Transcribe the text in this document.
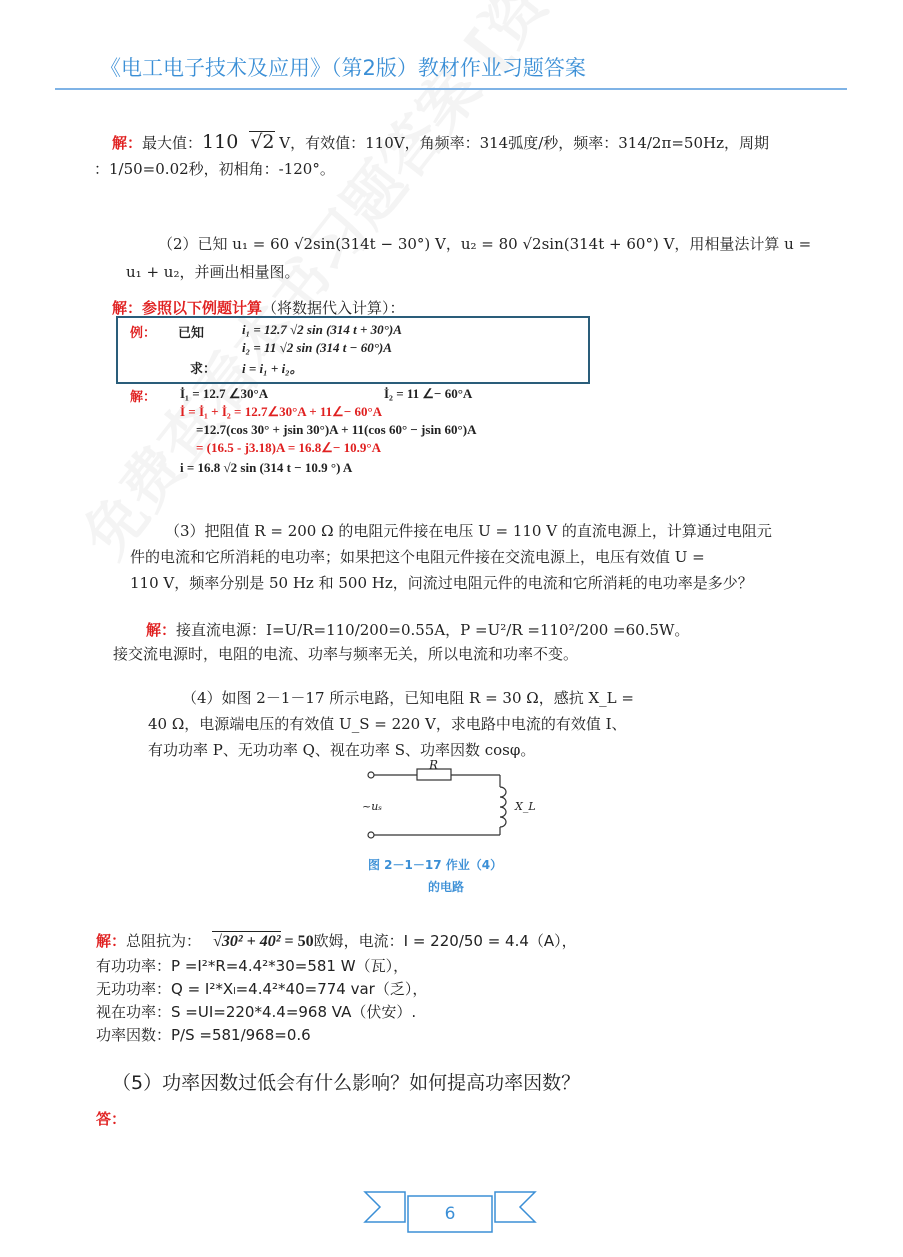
《电工电子技术及应用》（第2版）教材作业习题答案
解：最大值：110 √
2 V，有效值：110V，角频率：314弧度/秒，频率：314/2π=50Hz，周期
：1/50=0.02秒，初相角：-120°。
（2）已知 u₁ = 60 √2sin(314t − 30°) V，u₂ = 80 √2sin(314t + 60°) V，用相量法计算 u =
u₁ + u₂，并画出相量图。
解：参照以下例题计算（将数据代入计算）：
例： 已知	i₁ = 12.7 √2 sin (314 t + 30°)A
i₂ = 11 √2 sin (314 t − 60°)A
求： i = i₁ + i₂。
解： İ₁ = 12.7 ∠30°A	İ₂ = 11 ∠− 60°A
İ = İ₁ + İ₂ = 12.7∠30°A + 11∠− 60°A
=12.7(cos 30° + jsin 30°)A + 11(cos 60° − jsin 60°)A
= (16.5 - j3.18)A = 16.8∠− 10.9°A
i = 16.8 √2 sin (314 t − 10.9 °) A
（3）把阻值 R = 200 Ω 的电阻元件接在电压 U = 110 V 的直流电源上，计算通过电阻元
件的电流和它所消耗的电功率；如果把这个电阻元件接在交流电源上，电压有效值 U =
110 V，频率分别是 50 Hz 和 500 Hz，问流过电阻元件的电流和它所消耗的电功率是多少？
解：接直流电源：I=U/R=110/200=0.55A，P =U²/R =110²/200 =60.5W。
接交流电源时，电阻的电流、功率与频率无关，所以电流和功率不变。
（4）如图 2－1－17 所示电路，已知电阻 R = 30 Ω，感抗 X_L =
40 Ω，电源端电压的有效值 U_S = 220 V，求电路中电流的有效值 I、
有功功率 P、无功功率 Q、视在功率 S、功率因数 cosφ。
R
~uₛ	X_L
图 2－1－17 作业（4）
的电路
解：总阻抗为： √
30² + 40² = 50欧姆，电流：I = 220/50 = 4.4（A），
有功功率：P =I²*R=4.4²*30=581 W（瓦），
无功功率：Q = I²*Xₗ=4.4²*40=774 var（乏），
视在功率：S =UI=220*4.4=968 VA（伏安）.
功率因数：P/S =581/968=0.6
（5）功率因数过低会有什么影响？如何提高功率因数？
答：
6
